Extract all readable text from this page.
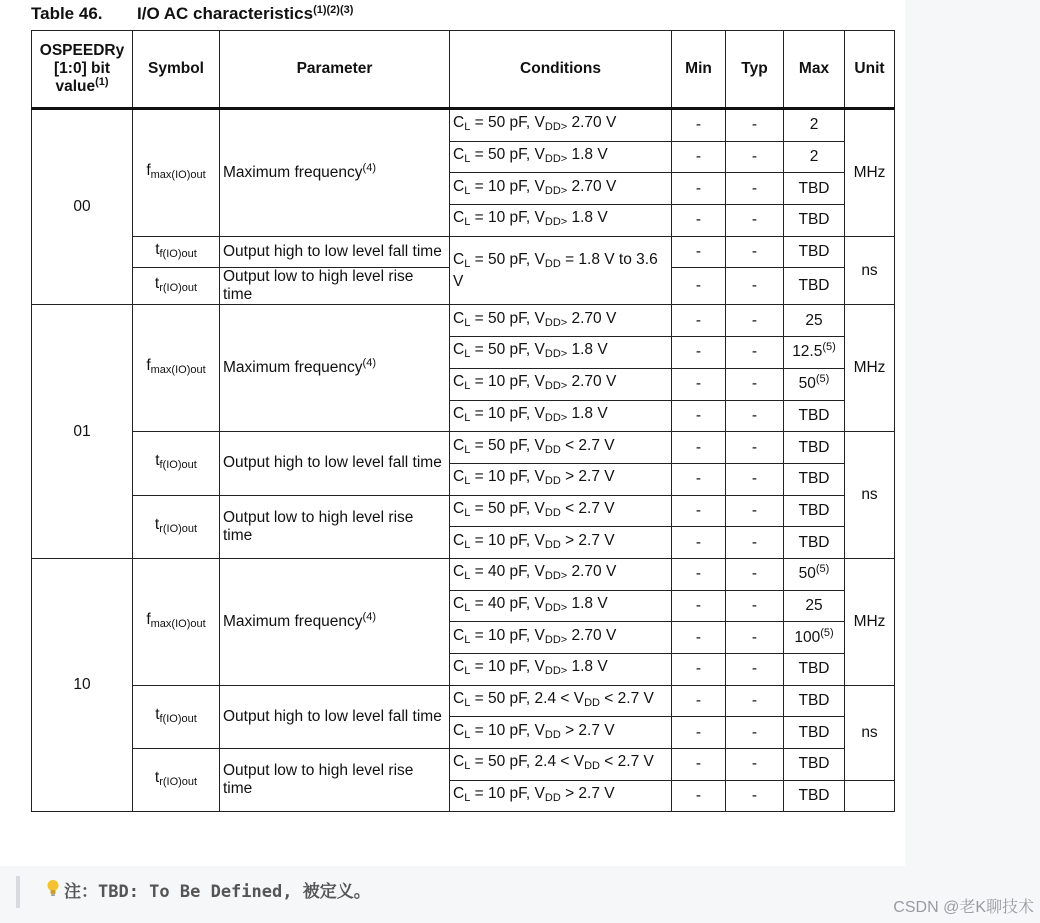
Table 46. I/O AC characteristics$^{(1)(2)(3)}$
OSPEEDRy
[1:0] bit
value$^{(1)}$	Symbol	Parameter	Conditions	Min	Typ	Max	Unit
00	$f_{max(IO)out}$	Maximum frequency$^{(4)}$	$C_L = 50$ pF, $V_{DD>}$ 2.70 V	-	-	2	MHz
			$C_L = 50$ pF, $V_{DD>}$ 1.8 V	-	-	2	
			$C_L = 10$ pF, $V_{DD>}$ 2.70 V	-	-	TBD	
			$C_L = 10$ pF, $V_{DD>}$ 1.8 V	-	-	TBD	
	$t_{f(IO)out}$	Output high to low level fall time	$C_L = 50$ pF, $V_{DD} = 1.8$ V to 3.6 V	-	-	TBD	ns
	$t_{r(IO)out}$	Output low to high level rise time		-	-	TBD	
01	$f_{max(IO)out}$	Maximum frequency$^{(4)}$	$C_L = 50$ pF, $V_{DD>}$ 2.70 V	-	-	25	MHz
			$C_L = 50$ pF, $V_{DD>}$ 1.8 V	-	-	12.5$^{(5)}$
			$C_L = 10$ pF, $V_{DD>}$ 2.70 V	-	-	50$^{(5)}$
			$C_L = 10$ pF, $V_{DD>}$ 1.8 V	-	-	TBD	
	$t_{f(IO)out}$	Output high to low level fall time	$C_L = 50$ pF, $V_{DD} < 2.7$ V	-	-	TBD	ns
			$C_L = 10$ pF, $V_{DD} > 2.7$ V	-	-	TBD	
	$t_{r(IO)out}$	Output low to high level rise time	$C_L = 50$ pF, $V_{DD} < 2.7$ V	-	-	TBD	
			$C_L = 10$ pF, $V_{DD} > 2.7$ V	-	-	TBD	
10	$f_{max(IO)out}$	Maximum frequency$^{(4)}$	$C_L = 40$ pF, $V_{DD>}$ 2.70 V	-	-	50$^{(5)}$	MHz
			$C_L = 40$ pF, $V_{DD>}$ 1.8 V	-	-	25	
			$C_L = 10$ pF, $V_{DD>}$ 2.70 V	-	-	100$^{(5)}$
			$C_L = 10$ pF, $V_{DD>}$ 1.8 V	-	-	TBD	
	$t_{f(IO)out}$	Output high to low level fall time	$C_L = 50$ pF, $2.4 < V_{DD} < 2.7$ V	-	-	TBD	ns
			$C_L = 10$ pF, $V_{DD} > 2.7$ V	-	-	TBD	
	$t_{r(IO)out}$	Output low to high level rise time	$C_L = 50$ pF, $2.4 < V_{DD} < 2.7$ V	-	-	TBD	
			$C_L = 10$ pF, $V_{DD} > 2.7$ V	-	-	TBD	
注：TBD: To Be Defined, 被定义。
CSDN @老K聊技术
